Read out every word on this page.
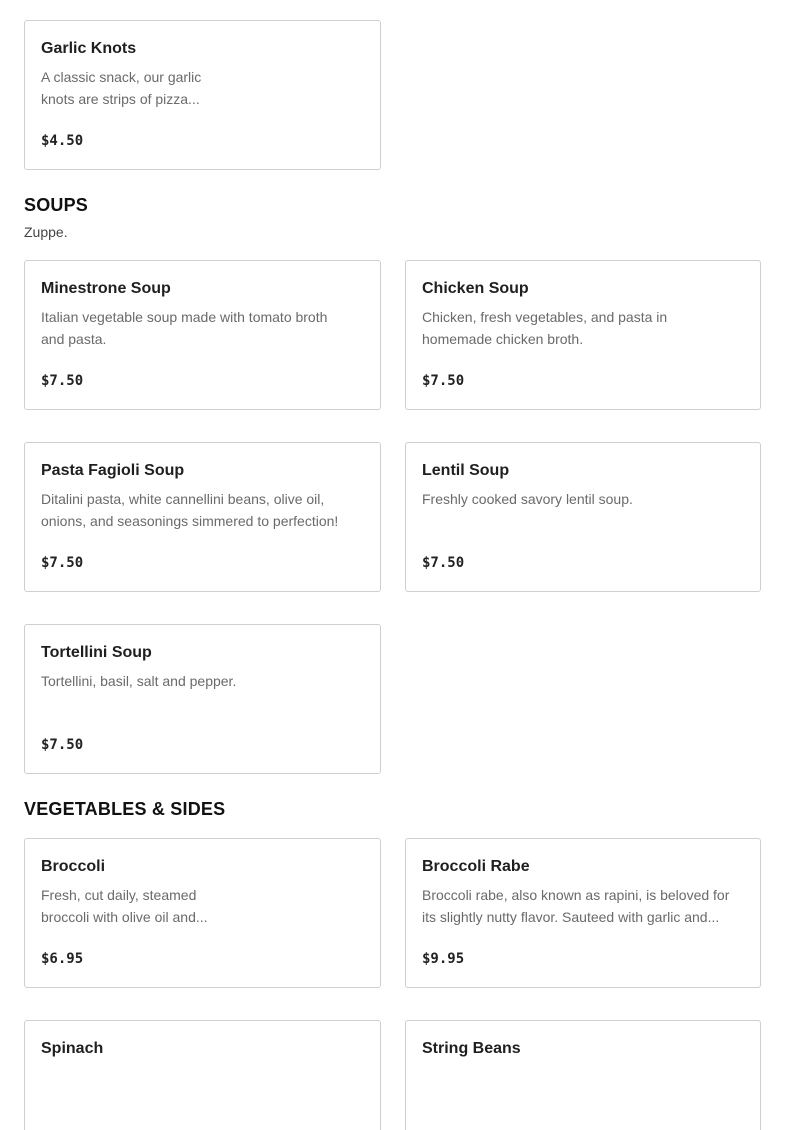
Garlic Knots
A classic snack, our garlic
knots are strips of pizza...
$4.50
SOUPS
Zuppe.
Minestrone Soup
Italian vegetable soup made with tomato broth
and pasta.
$7.50
Chicken Soup
Chicken, fresh vegetables, and pasta in
homemade chicken broth.
$7.50
Pasta Fagioli Soup
Ditalini pasta, white cannellini beans, olive oil,
onions, and seasonings simmered to perfection!
$7.50
Lentil Soup
Freshly cooked savory lentil soup.
$7.50
Tortellini Soup
Tortellini, basil, salt and pepper.
$7.50
VEGETABLES & SIDES
Broccoli
Fresh, cut daily, steamed
broccoli with olive oil and...
$6.95
Broccoli Rabe
Broccoli rabe, also known as rapini, is beloved for
its slightly nutty flavor. Sauteed with garlic and...
$9.95
Spinach	String Beans
